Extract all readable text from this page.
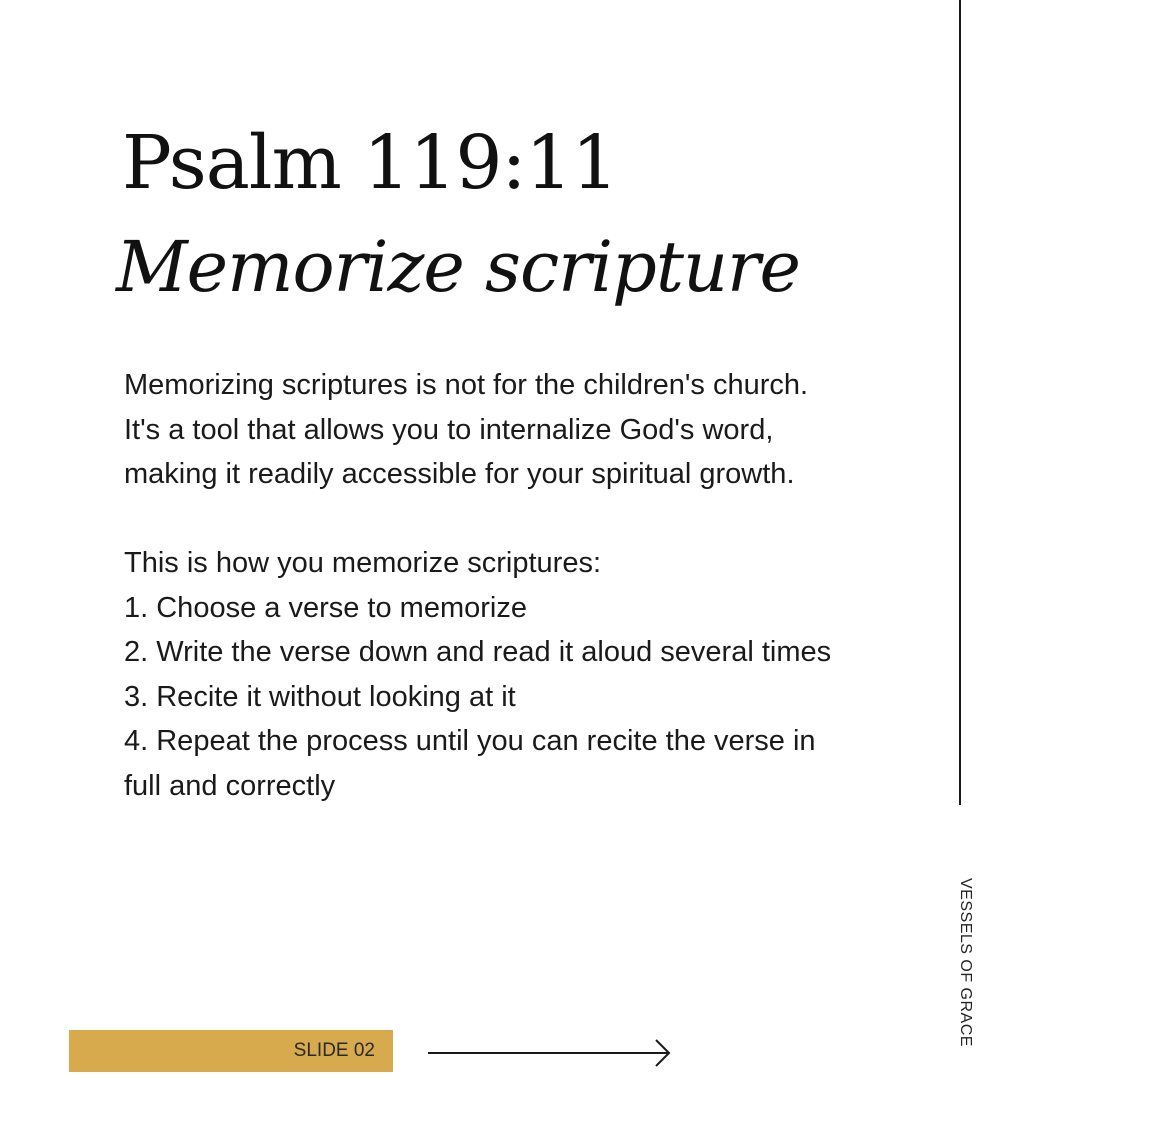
Psalm 119:11
Memorize scripture

Memorizing scriptures is not for the children's church. It's a tool that allows you to internalize God's word, making it readily accessible for your spiritual growth.

This is how you memorize scriptures:

1. Choose a verse to memorize

2. Write the verse down and read it aloud several times

3. Recite it without looking at it

4. Repeat the process until you can recite the verse in full and correctly

VESSELS OF GRACE
SLIDE 02
